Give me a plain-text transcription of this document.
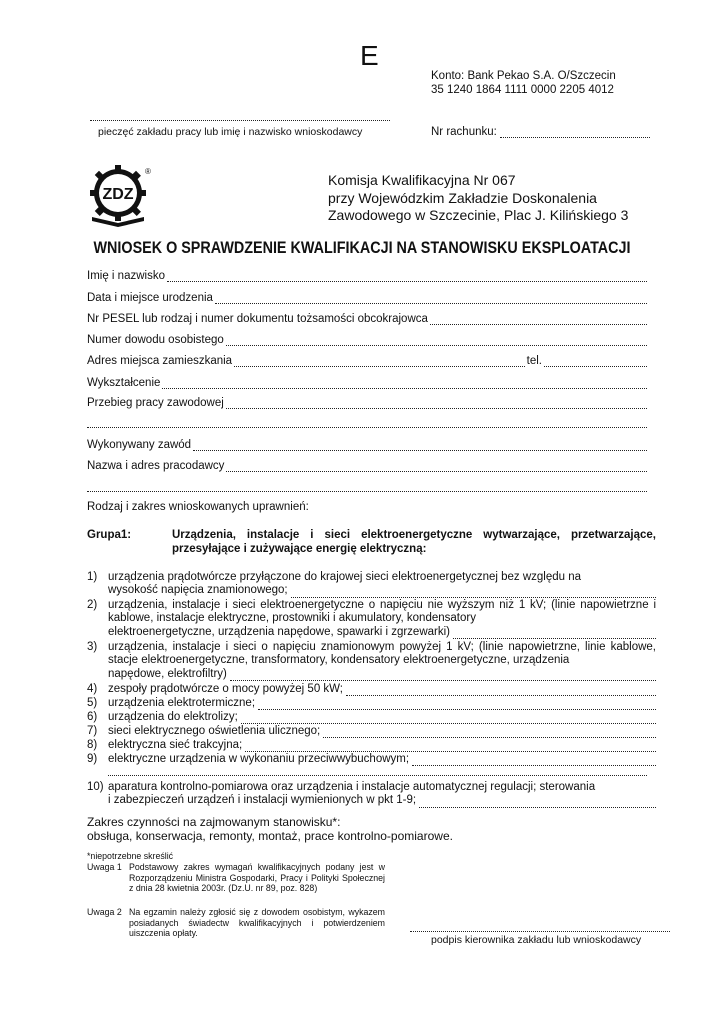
E
Konto: Bank Pekao S.A. O/Szczecin
35 1240 1864 1111 0000 2205 4012
pieczęć zakładu pracy lub imię i nazwisko wnioskodawcy	Nr rachunku:
ZDZ
®
Komisja Kwalifikacyjna Nr 067
przy Wojewódzkim Zakładzie Doskonalenia
Zawodowego w Szczecinie, Plac J. Kilińskiego 3
WNIOSEK O SPRAWDZENIE KWALIFIKACJI NA STANOWISKU EKSPLOATACJI
Imię i nazwisko
Data i miejsce urodzenia
Nr PESEL lub rodzaj i numer dokumentu tożsamości obcokrajowca
Numer dowodu osobistego
Adres miejsca zamieszkania	tel.
Wykształcenie
Przebieg pracy zawodowej
Wykonywany zawód
Nazwa i adres pracodawcy
Rodzaj i zakres wnioskowanych uprawnień:
Grupa1:	Urządzenia, instalacje i sieci elektroenergetyczne wytwarzające, przetwarzające, przesyłające i zużywające energię elektryczną:
1) urządzenia prądotwórcze przyłączone do krajowej sieci elektroenergetycznej bez względu na
wysokość napięcia znamionowego;
2) urządzenia, instalacje i sieci elektroenergetyczne o napięciu nie wyższym niż 1 kV; (linie napowietrzne i kablowe, instalacje elektryczne, prostowniki i akumulatory, kondensatory
elektroenergetyczne, urządzenia napędowe, spawarki i zgrzewarki)
3) urządzenia, instalacje i sieci o napięciu znamionowym powyżej 1 kV; (linie napowietrzne, linie kablowe, stacje elektroenergetyczne, transformatory, kondensatory elektroenergetyczne, urządzenia
napędowe, elektrofiltry)
4) zespoły prądotwórcze o mocy powyżej 50 kW;
5) urządzenia elektrotermiczne;
6) urządzenia do elektrolizy;
7) sieci elektrycznego oświetlenia ulicznego;
8) elektryczna sieć trakcyjna;
9) elektryczne urządzenia w wykonaniu przeciwwybuchowym;
10) aparatura kontrolno-pomiarowa oraz urządzenia i instalacje automatycznej regulacji; sterowania
i zabezpieczeń urządzeń i instalacji wymienionych w pkt 1-9;
Zakres czynności na zajmowanym stanowisku*:
obsługa, konserwacja, remonty, montaż, prace kontrolno-pomiarowe.
*niepotrzebne skreślić
Uwaga 1 Podstawowy zakres wymagań kwalifikacyjnych podany jest w Rozporządzeniu Ministra Gospodarki, Pracy i Polityki Społecznej z dnia 28 kwietnia 2003r. (Dz.U. nr 89, poz. 828)
Uwaga 2 Na egzamin należy zgłosić się z dowodem osobistym, wykazem posiadanych świadectw kwalifikacyjnych i potwierdzeniem uiszczenia opłaty.
podpis kierownika zakładu lub wnioskodawcy
